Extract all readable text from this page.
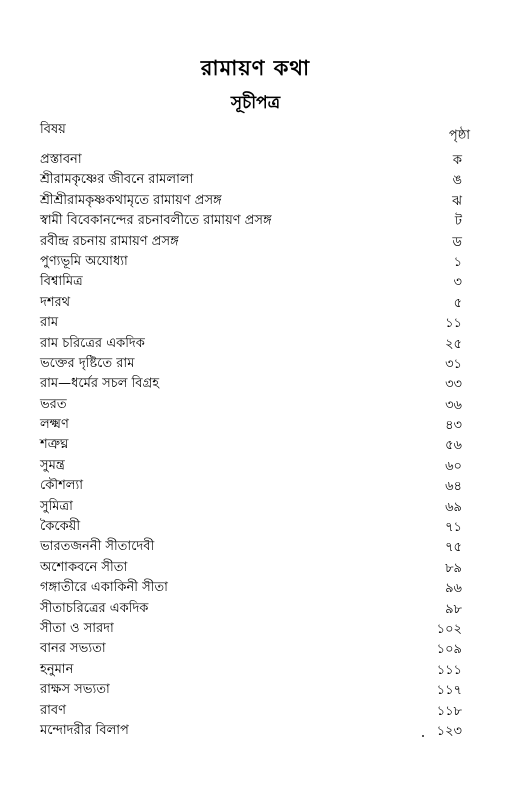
রামায়ণ কথা
সূচীপত্র
বিষয়	পৃষ্ঠা
প্রস্তাবনা	ক
শ্রীরামকৃষ্ণের জীবনে রামলালা	ঙ
শ্রীশ্রীরামকৃষ্ণকথামৃতে রামায়ণ প্রসঙ্গ	ঝ
স্বামী বিবেকানন্দের রচনাবলীতে রামায়ণ প্রসঙ্গ	ট
রবীন্দ্র রচনায় রামায়ণ প্রসঙ্গ	ড
পুণ্যভূমি অযোধ্যা	১
বিশ্বামিত্র	৩
দশরথ	৫
রাম	১১
রাম চরিত্রের একদিক	২৫
ভক্তের দৃষ্টিতে রাম	৩১
রাম—ধর্মের সচল বিগ্রহ	৩৩
ভরত	৩৬
লক্ষ্মণ	৪৩
শত্রুঘ্ন	৫৬
সুমন্ত্র	৬০
কৌশল্যা	৬৪
সুমিত্রা	৬৯
কৈকেয়ী	৭১
ভারতজননী সীতাদেবী	৭৫
অশোকবনে সীতা	৮৯
গঙ্গাতীরে একাকিনী সীতা	৯৬
সীতাচরিত্রের একদিক	৯৮
সীতা ও সারদা	১০২
বানর সভ্যতা	১০৯
হনুমান	১১১
রাক্ষস সভ্যতা	১১৭
রাবণ	১১৮
মন্দোদরীর বিলাপ	১২৩
